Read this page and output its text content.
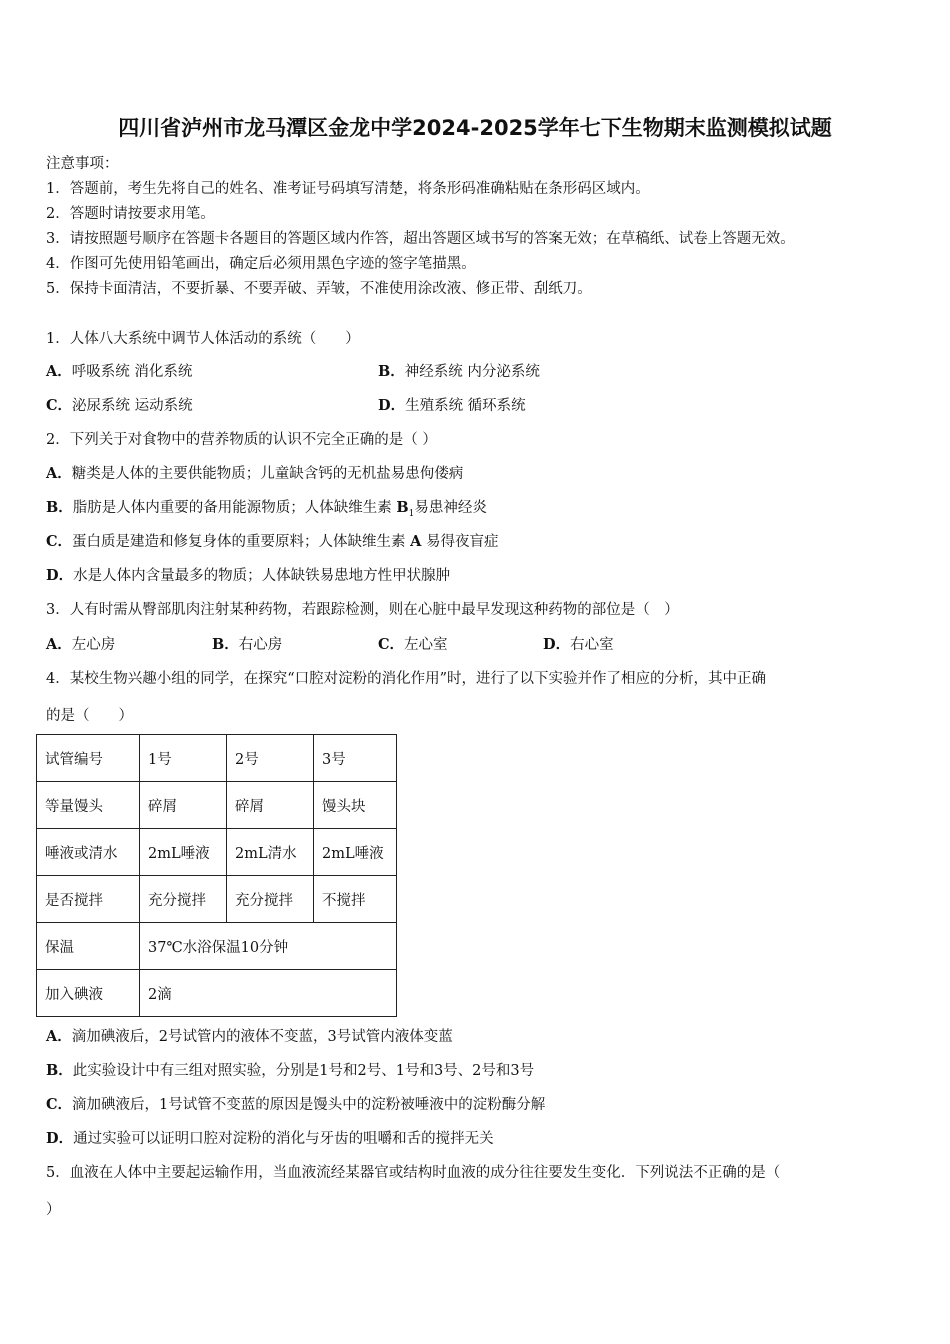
四川省泸州市龙马潭区金龙中学2024-2025学年七下生物期末监测模拟试题
注意事项：
1．答题前，考生先将自己的姓名、准考证号码填写清楚，将条形码准确粘贴在条形码区域内。
2．答题时请按要求用笔。
3．请按照题号顺序在答题卡各题目的答题区域内作答，超出答题区域书写的答案无效；在草稿纸、试卷上答题无效。
4．作图可先使用铅笔画出，确定后必须用黑色字迹的签字笔描黑。
5．保持卡面清洁，不要折暴、不要弄破、弄皱，不准使用涂改液、修正带、刮纸刀。
1．人体八大系统中调节人体活动的系统（　　）
A．呼吸系统 消化系统	B．神经系统 内分泌系统
C．泌尿系统 运动系统	D．生殖系统 循环系统
2．下列关于对食物中的营养物质的认识不完全正确的是（ ）
A．糖类是人体的主要供能物质；儿童缺含钙的无机盐易患佝偻病
B．脂肪是人体内重要的备用能源物质；人体缺维生素 $B_1$易患神经炎
C．蛋白质是建造和修复身体的重要原料；人体缺维生素 A 易得夜盲症
D．水是人体内含量最多的物质；人体缺铁易患地方性甲状腺肿
3．人有时需从臀部肌肉注射某种药物，若跟踪检测，则在心脏中最早发现这种药物的部位是（　）
A．左心房	B．右心房	C．左心室	D．右心室
4．某校生物兴趣小组的同学，在探究“口腔对淀粉的消化作用”时，进行了以下实验并作了相应的分析，其中正确
的是（　　）
试管编号	1号	2号	3号
等量馒头	碎屑	碎屑	馒头块
唾液或清水	2mL唾液	2mL清水	2mL唾液
是否搅拌	充分搅拌	充分搅拌	不搅拌
保温	37℃水浴保温10分钟		
加入碘液	2滴		
A．滴加碘液后，2号试管内的液体不变蓝，3号试管内液体变蓝
B．此实验设计中有三组对照实验，分别是1号和2号、1号和3号、2号和3号
C．滴加碘液后，1号试管不变蓝的原因是馒头中的淀粉被唾液中的淀粉酶分解
D．通过实验可以证明口腔对淀粉的消化与牙齿的咀嚼和舌的搅拌无关
5．血液在人体中主要起运输作用，当血液流经某器官或结构时血液的成分往往要发生变化．下列说法不正确的是（
）
